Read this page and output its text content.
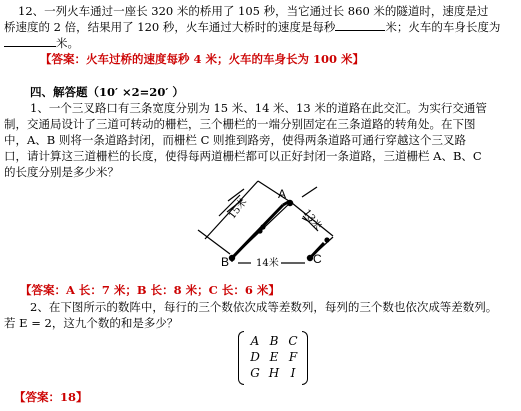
12、一列火车通过一座长 320 米的桥用了 105 秒，当它通过长 860 米的隧道时，速度是过
桥速度的 2 倍，结果用了 120 秒，火车通过大桥时的速度是每秒	米；火车的车身长度为
米。
【答案：火车过桥的速度每秒 4 米；火车的车身长为 100 米】
四、解答题（10′ ×2=20′ ）
1、一个三叉路口有三条宽度分别为 15 米、14 米、13 米的道路在此交汇。为实行交通管
制，交通局设计了三道可转动的栅栏，三个栅栏的一端分别固定在三条道路的转角处。在下图
中，A、B 则将一条道路封闭，而栅栏 C 则推到路旁，使得两条道路可通行穿越这个三叉路
口，请计算这三道栅栏的长度，使得每两道栅栏都可以正好封闭一条道路，三道栅栏 A、B、C
的长度分别是多少米？
A
B	C
15米
14米
13米
【答案：A 长：7 米；B 长：8 米；C 长：6 米】
2、在下图所示的数阵中，每行的三个数依次成等差数列，每列的三个数也依次成等差数列。
若 E = 2，这九个数的和是多少？
A B C
D E F
G H I
【答案：18】
